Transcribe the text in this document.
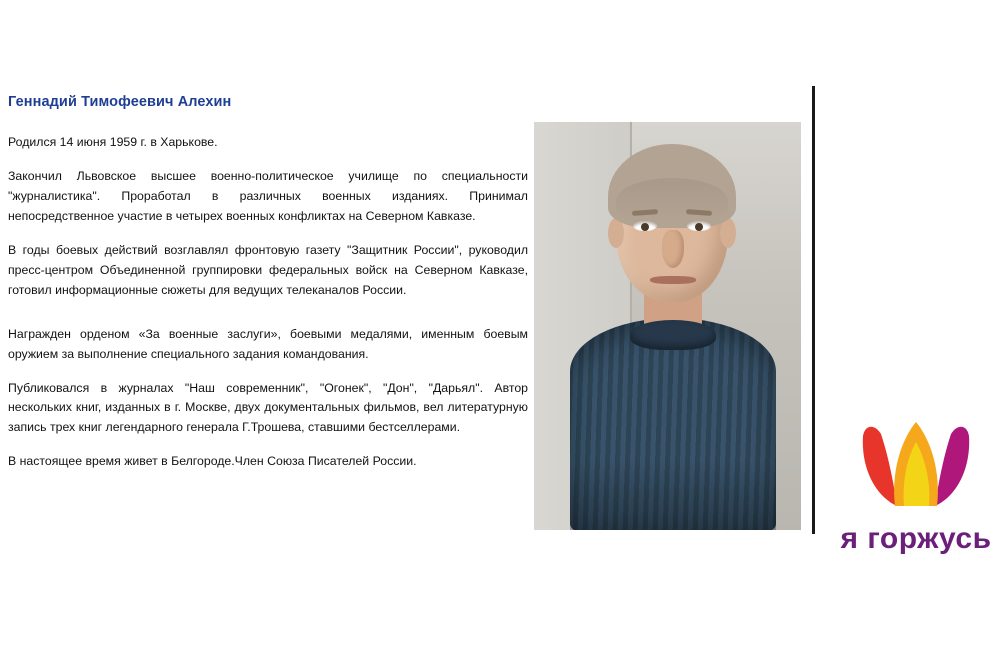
Геннадий Тимофеевич Алехин

Родился 14 июня 1959 г. в Харькове.

Закончил Львовское высшее военно-политическое училище по специальности "журналистика". Проработал в различных военных изданиях. Принимал непосредственное участие в четырех военных конфликтах на Северном Кавказе.

В годы боевых действий возглавлял фронтовую газету "Защитник России", руководил пресс-центром Объединенной группировки федеральных войск на Северном Кавказе, готовил информационные сюжеты для ведущих телеканалов России.

Награжден орденом «За военные заслуги», боевыми медалями, именным боевым оружием за выполнение специального задания командования.

Публиковался в журналах "Наш современник", "Огонек", "Дон", "Дарьял". Автор нескольких книг, изданных в г. Москве, двух документальных фильмов, вел литературную запись трех книг легендарного генерала Г.Трошева, ставшими бестселлерами.

В настоящее время живет в Белгороде.Член Союза Писателей России.

я горжусь
